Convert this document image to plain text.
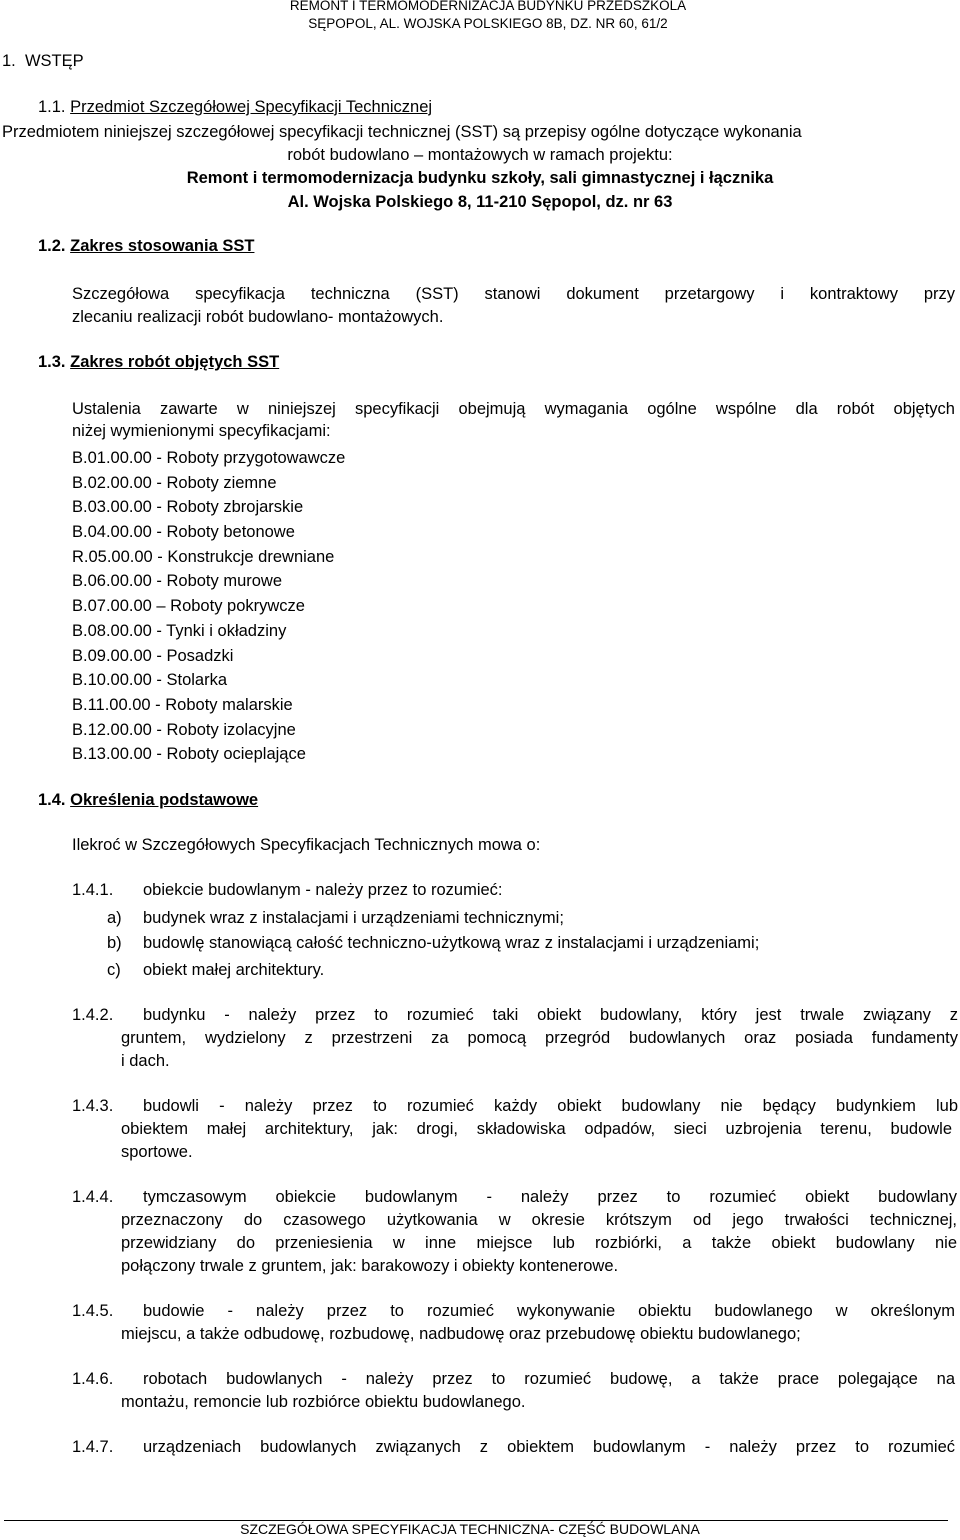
REMONT I TERMOMODERNIZACJA BUDYNKU PRZEDSZKOLA
SĘPOPOL, AL. WOJSKA POLSKIEGO 8B, DZ. NR 60, 61/2
1. WSTĘP
1.1. Przedmiot Szczegółowej Specyfikacji Technicznej
Przedmiotem niniejszej szczegółowej specyfikacji technicznej (SST) są przepisy ogólne dotyczące wykonania
robót budowlano – montażowych w ramach projektu:
Remont i termomodernizacja budynku szkoły, sali gimnastycznej i łącznika
Al. Wojska Polskiego 8, 11-210 Sępopol, dz. nr 63
1.2. Zakres stosowania SST
Szczegółowa specyfikacja techniczna (SST) stanowi dokument przetargowy i kontraktowy przy
zlecaniu realizacji robót budowlano- montażowych.
1.3. Zakres robót objętych SST
Ustalenia zawarte w niniejszej specyfikacji obejmują wymagania ogólne wspólne dla robót objętych
niżej wymienionymi specyfikacjami:
B.01.00.00 - Roboty przygotowawcze
B.02.00.00 - Roboty ziemne
B.03.00.00 - Roboty zbrojarskie
B.04.00.00 - Roboty betonowe
R.05.00.00 - Konstrukcje drewniane
B.06.00.00 - Roboty murowe
B.07.00.00 – Roboty pokrywcze
B.08.00.00 - Tynki i okładziny
B.09.00.00 - Posadzki
B.10.00.00 - Stolarka
B.11.00.00 - Roboty malarskie
B.12.00.00 - Roboty izolacyjne
B.13.00.00 - Roboty ocieplające
1.4. Określenia podstawowe
Ilekroć w Szczegółowych Specyfikacjach Technicznych mowa o:
1.4.1. obiekcie budowlanym - należy przez to rozumieć:
a) budynek wraz z instalacjami i urządzeniami technicznymi;
b) budowlę stanowiącą całość techniczno-użytkową wraz z instalacjami i urządzeniami;
c) obiekt małej architektury.
1.4.2. budynku - należy przez to rozumieć taki obiekt budowlany, który jest trwale związany z
gruntem, wydzielony z przestrzeni za pomocą przegród budowlanych oraz posiada fundamenty
i dach.
1.4.3. budowli - należy przez to rozumieć każdy obiekt budowlany nie będący budynkiem lub
obiektem małej architektury, jak: drogi, składowiska odpadów, sieci uzbrojenia terenu, budowle
sportowe.
1.4.4. tymczasowym obiekcie budowlanym - należy przez to rozumieć obiekt budowlany
przeznaczony do czasowego użytkowania w okresie krótszym od jego trwałości technicznej,
przewidziany do przeniesienia w inne miejsce lub rozbiórki, a także obiekt budowlany nie
połączony trwale z gruntem, jak: barakowozy i obiekty kontenerowe.
1.4.5. budowie - należy przez to rozumieć wykonywanie obiektu budowlanego w określonym
miejscu, a także odbudowę, rozbudowę, nadbudowę oraz przebudowę obiektu budowlanego;
1.4.6. robotach budowlanych - należy przez to rozumieć budowę, a także prace polegające na
montażu, remoncie lub rozbiórce obiektu budowlanego.
1.4.7. urządzeniach budowlanych związanych z obiektem budowlanym - należy przez to rozumieć
SZCZEGÓŁOWA SPECYFIKACJA TECHNICZNA- CZĘŚĆ BUDOWLANA
